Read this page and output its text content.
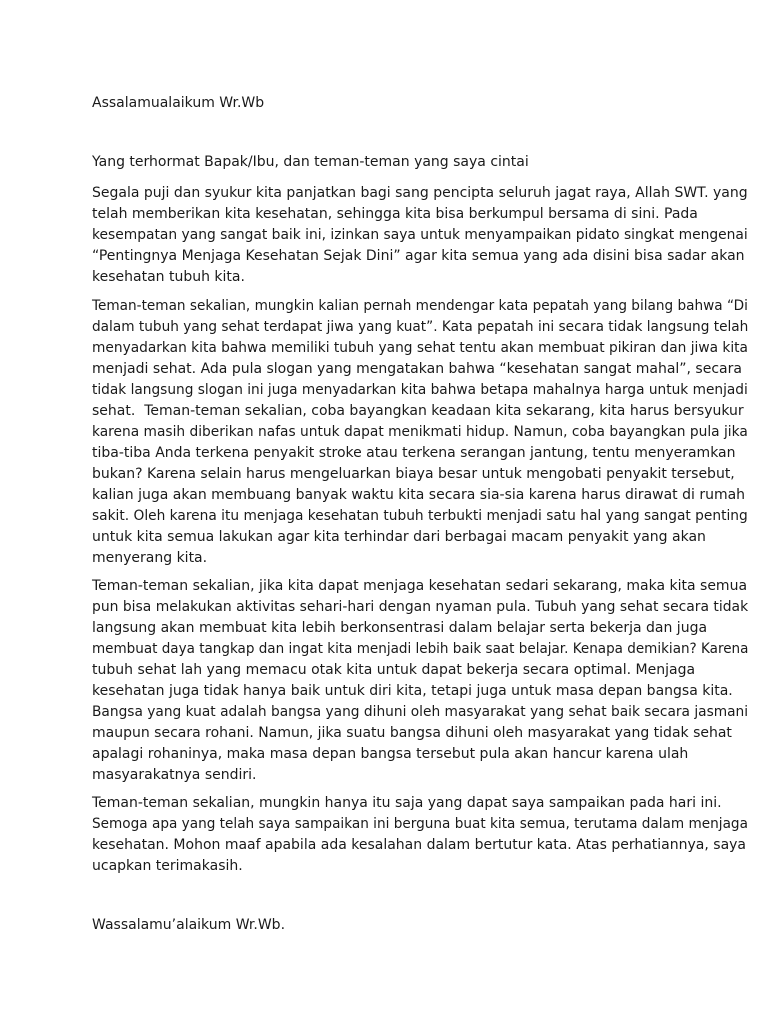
Assalamualaikum Wr.Wb
Yang terhormat Bapak/Ibu, dan teman-teman yang saya cintai
Segala puji dan syukur kita panjatkan bagi sang pencipta seluruh jagat raya, Allah SWT. yang
telah memberikan kita kesehatan, sehingga kita bisa berkumpul bersama di sini. Pada
kesempatan yang sangat baik ini, izinkan saya untuk menyampaikan pidato singkat mengenai
“Pentingnya Menjaga Kesehatan Sejak Dini” agar kita semua yang ada disini bisa sadar akan
kesehatan tubuh kita.
Teman-teman sekalian, mungkin kalian pernah mendengar kata pepatah yang bilang bahwa “Di
dalam tubuh yang sehat terdapat jiwa yang kuat”. Kata pepatah ini secara tidak langsung telah
menyadarkan kita bahwa memiliki tubuh yang sehat tentu akan membuat pikiran dan jiwa kita
menjadi sehat. Ada pula slogan yang mengatakan bahwa “kesehatan sangat mahal”, secara
tidak langsung slogan ini juga menyadarkan kita bahwa betapa mahalnya harga untuk menjadi
sehat.  Teman-teman sekalian, coba bayangkan keadaan kita sekarang, kita harus bersyukur
karena masih diberikan nafas untuk dapat menikmati hidup. Namun, coba bayangkan pula jika
tiba-tiba Anda terkena penyakit stroke atau terkena serangan jantung, tentu menyeramkan
bukan? Karena selain harus mengeluarkan biaya besar untuk mengobati penyakit tersebut,
kalian juga akan membuang banyak waktu kita secara sia-sia karena harus dirawat di rumah
sakit. Oleh karena itu menjaga kesehatan tubuh terbukti menjadi satu hal yang sangat penting
untuk kita semua lakukan agar kita terhindar dari berbagai macam penyakit yang akan
menyerang kita.
Teman-teman sekalian, jika kita dapat menjaga kesehatan sedari sekarang, maka kita semua
pun bisa melakukan aktivitas sehari-hari dengan nyaman pula. Tubuh yang sehat secara tidak
langsung akan membuat kita lebih berkonsentrasi dalam belajar serta bekerja dan juga
membuat daya tangkap dan ingat kita menjadi lebih baik saat belajar. Kenapa demikian? Karena
tubuh sehat lah yang memacu otak kita untuk dapat bekerja secara optimal. Menjaga
kesehatan juga tidak hanya baik untuk diri kita, tetapi juga untuk masa depan bangsa kita.
Bangsa yang kuat adalah bangsa yang dihuni oleh masyarakat yang sehat baik secara jasmani
maupun secara rohani. Namun, jika suatu bangsa dihuni oleh masyarakat yang tidak sehat
apalagi rohaninya, maka masa depan bangsa tersebut pula akan hancur karena ulah
masyarakatnya sendiri.
Teman-teman sekalian, mungkin hanya itu saja yang dapat saya sampaikan pada hari ini.
Semoga apa yang telah saya sampaikan ini berguna buat kita semua, terutama dalam menjaga
kesehatan. Mohon maaf apabila ada kesalahan dalam bertutur kata. Atas perhatiannya, saya
ucapkan terimakasih.
Wassalamu’alaikum Wr.Wb.
